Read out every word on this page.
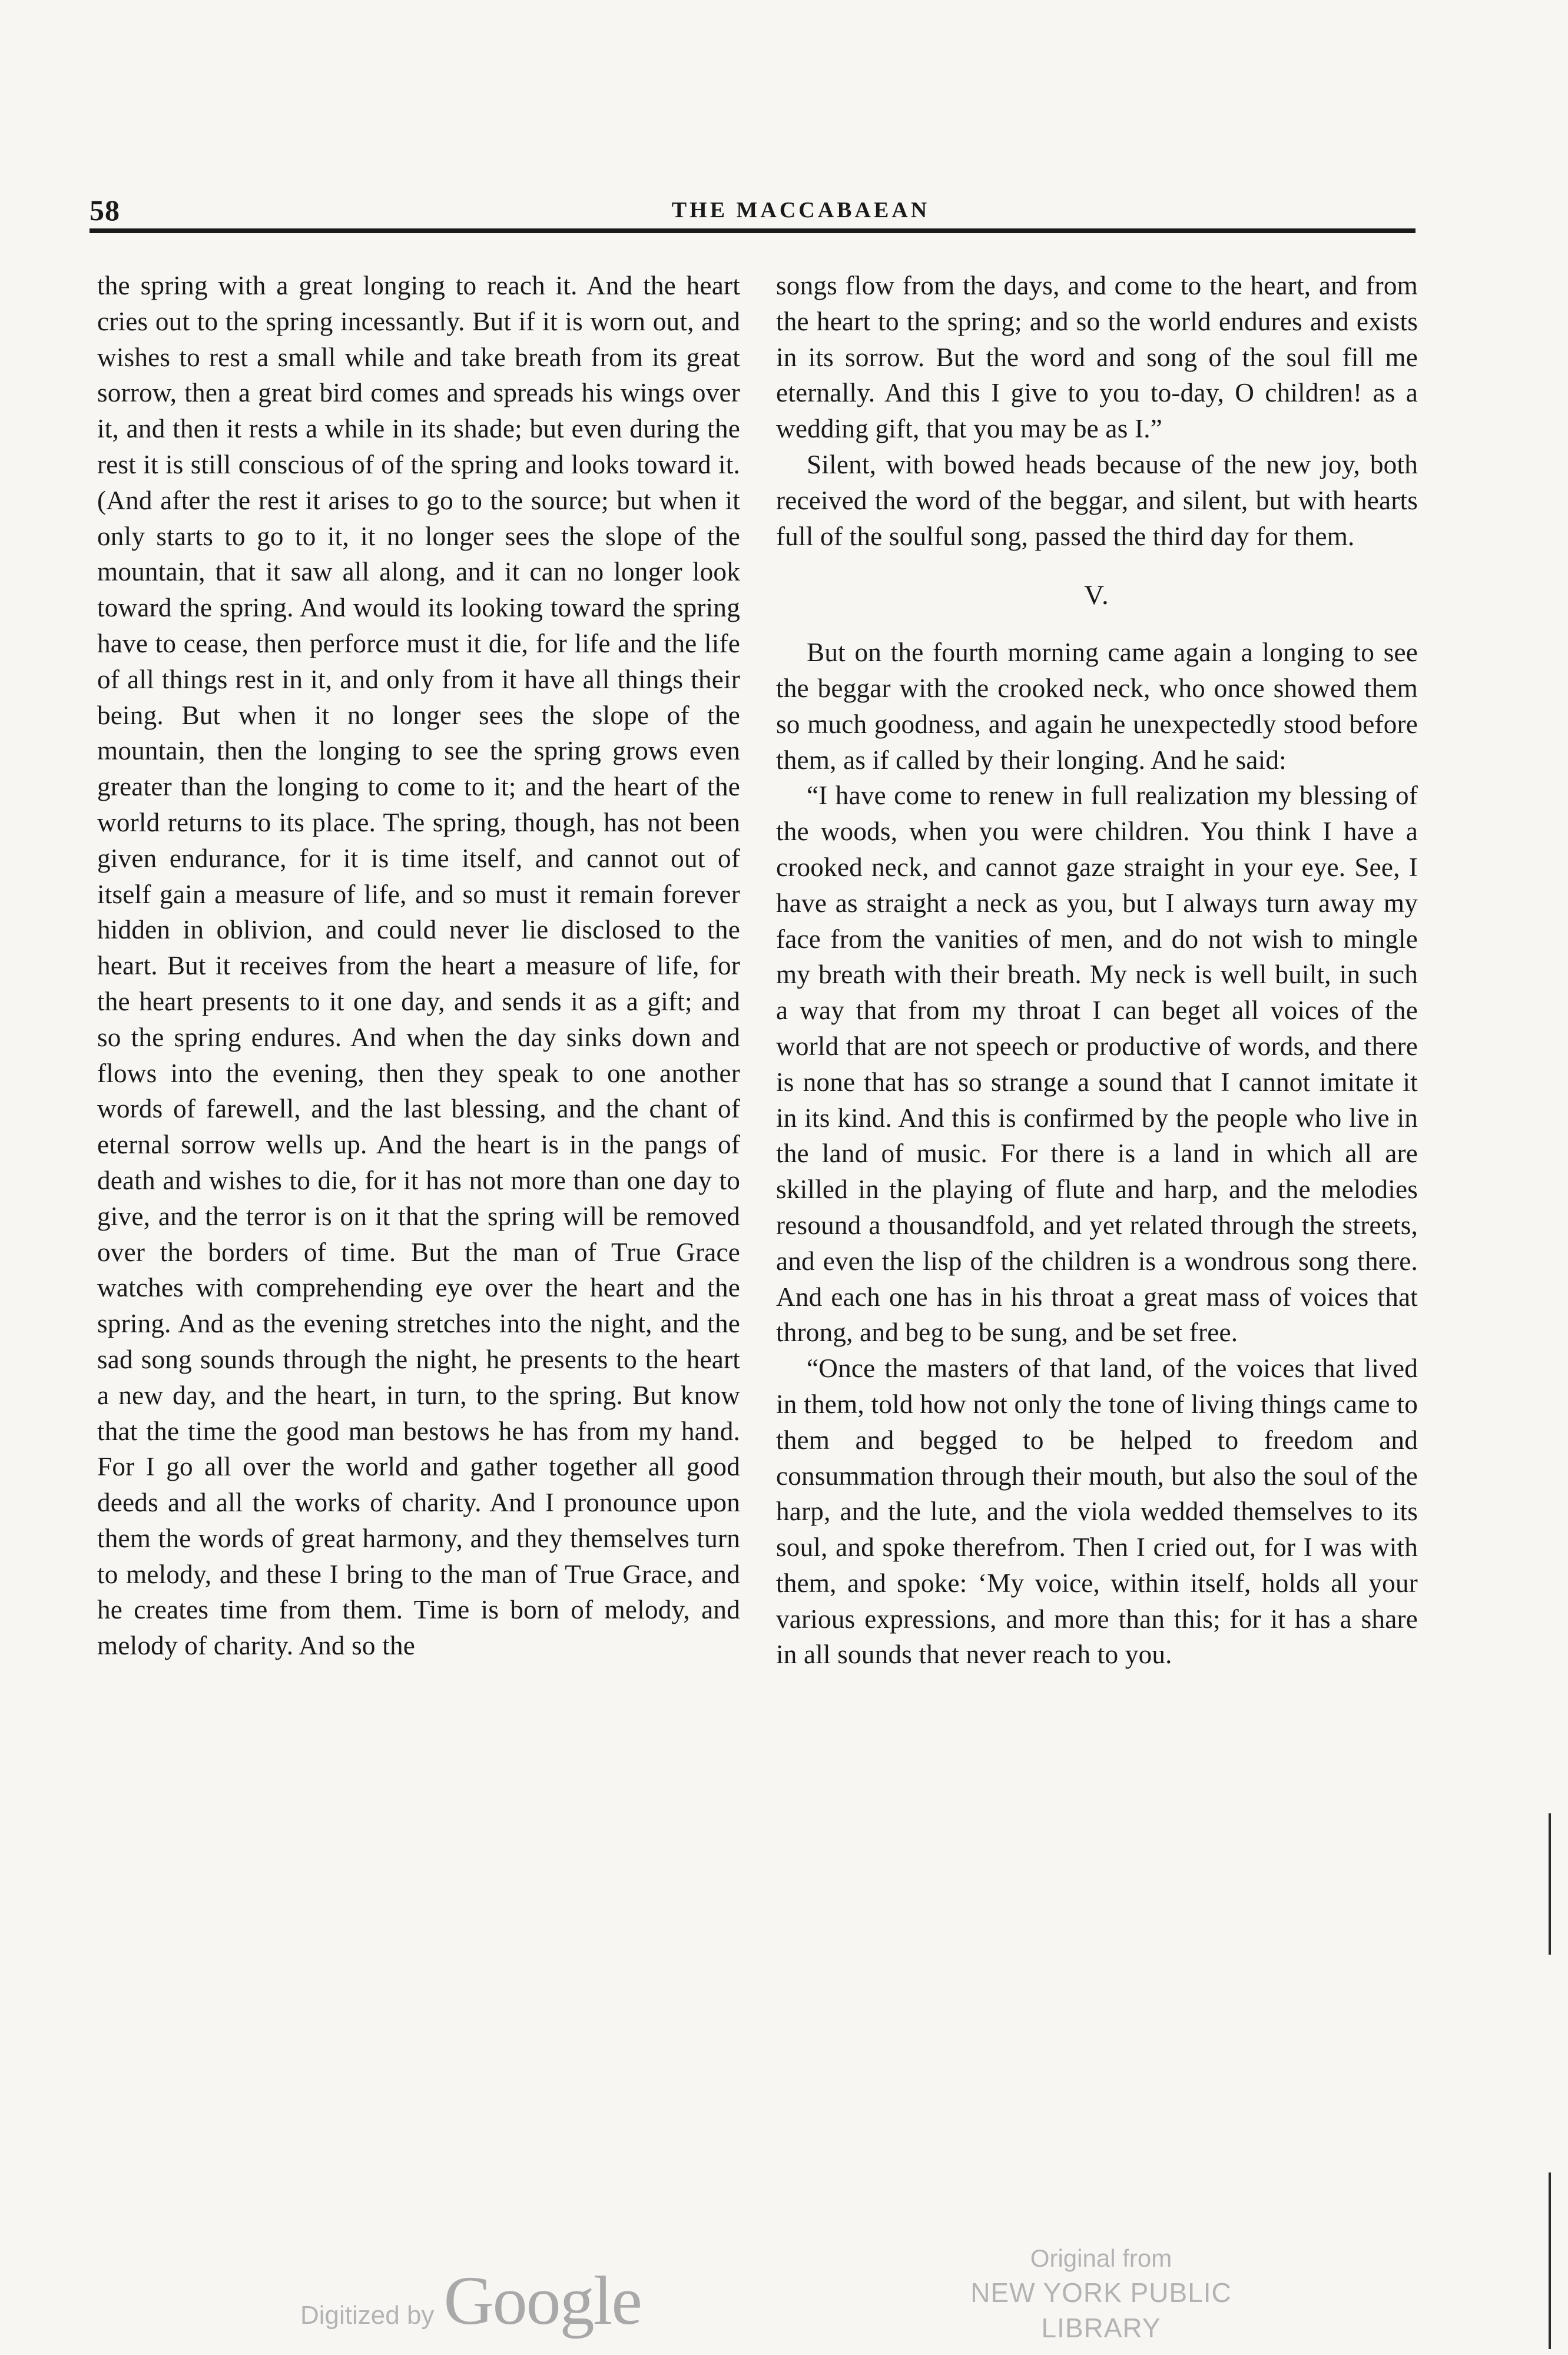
58	THE MACCABAEAN

the spring with a great longing to reach it. And the heart cries out to the spring incessantly. But if it is worn out, and wishes to rest a small while and take breath from its great sorrow, then a great bird comes and spreads his wings over it, and then it rests a while in its shade; but even during the rest it is still conscious of of the spring and looks toward it. (And after the rest it arises to go to the source; but when it only starts to go to it, it no longer sees the slope of the mountain, that it saw all along, and it can no longer look toward the spring. And would its looking toward the spring have to cease, then perforce must it die, for life and the life of all things rest in it, and only from it have all things their being. But when it no longer sees the slope of the mountain, then the longing to see the spring grows even greater than the longing to come to it; and the heart of the world returns to its place. The spring, though, has not been given endurance, for it is time itself, and cannot out of itself gain a measure of life, and so must it remain forever hidden in oblivion, and could never lie disclosed to the heart. But it receives from the heart a measure of life, for the heart presents to it one day, and sends it as a gift; and so the spring endures. And when the day sinks down and flows into the evening, then they speak to one another words of farewell, and the last blessing, and the chant of eternal sorrow wells up. And the heart is in the pangs of death and wishes to die, for it has not more than one day to give, and the terror is on it that the spring will be removed over the borders of time. But the man of True Grace watches with comprehending eye over the heart and the spring. And as the evening stretches into the night, and the sad song sounds through the night, he presents to the heart a new day, and the heart, in turn, to the spring. But know that the time the good man bestows he has from my hand. For I go all over the world and gather together all good deeds and all the works of charity. And I pronounce upon them the words of great harmony, and they themselves turn to melody, and these I bring to the man of True Grace, and he creates time from them. Time is born of melody, and melody of charity. And so the

songs flow from the days, and come to the heart, and from the heart to the spring; and so the world endures and exists in its sorrow. But the word and song of the soul fill me eternally. And this I give to you to-day, O children! as a wedding gift, that you may be as I.”

Silent, with bowed heads because of the new joy, both received the word of the beggar, and silent, but with hearts full of the soulful song, passed the third day for them.

V.

But on the fourth morning came again a longing to see the beggar with the crooked neck, who once showed them so much goodness, and again he unexpectedly stood before them, as if called by their longing. And he said:

“I have come to renew in full realization my blessing of the woods, when you were children. You think I have a crooked neck, and cannot gaze straight in your eye. See, I have as straight a neck as you, but I always turn away my face from the vanities of men, and do not wish to mingle my breath with their breath. My neck is well built, in such a way that from my throat I can beget all voices of the world that are not speech or productive of words, and there is none that has so strange a sound that I cannot imitate it in its kind. And this is confirmed by the people who live in the land of music. For there is a land in which all are skilled in the playing of flute and harp, and the melodies resound a thousandfold, and yet related through the streets, and even the lisp of the children is a wondrous song there. And each one has in his throat a great mass of voices that throng, and beg to be sung, and be set free.

“Once the masters of that land, of the voices that lived in them, told how not only the tone of living things came to them and begged to be helped to freedom and consummation through their mouth, but also the soul of the harp, and the lute, and the viola wedded themselves to its soul, and spoke therefrom. Then I cried out, for I was with them, and spoke: ‘My voice, within itself, holds all your various expressions, and more than this; for it has a share in all sounds that never reach to you.

Digitized by Google
Original from
NEW YORK PUBLIC LIBRARY
